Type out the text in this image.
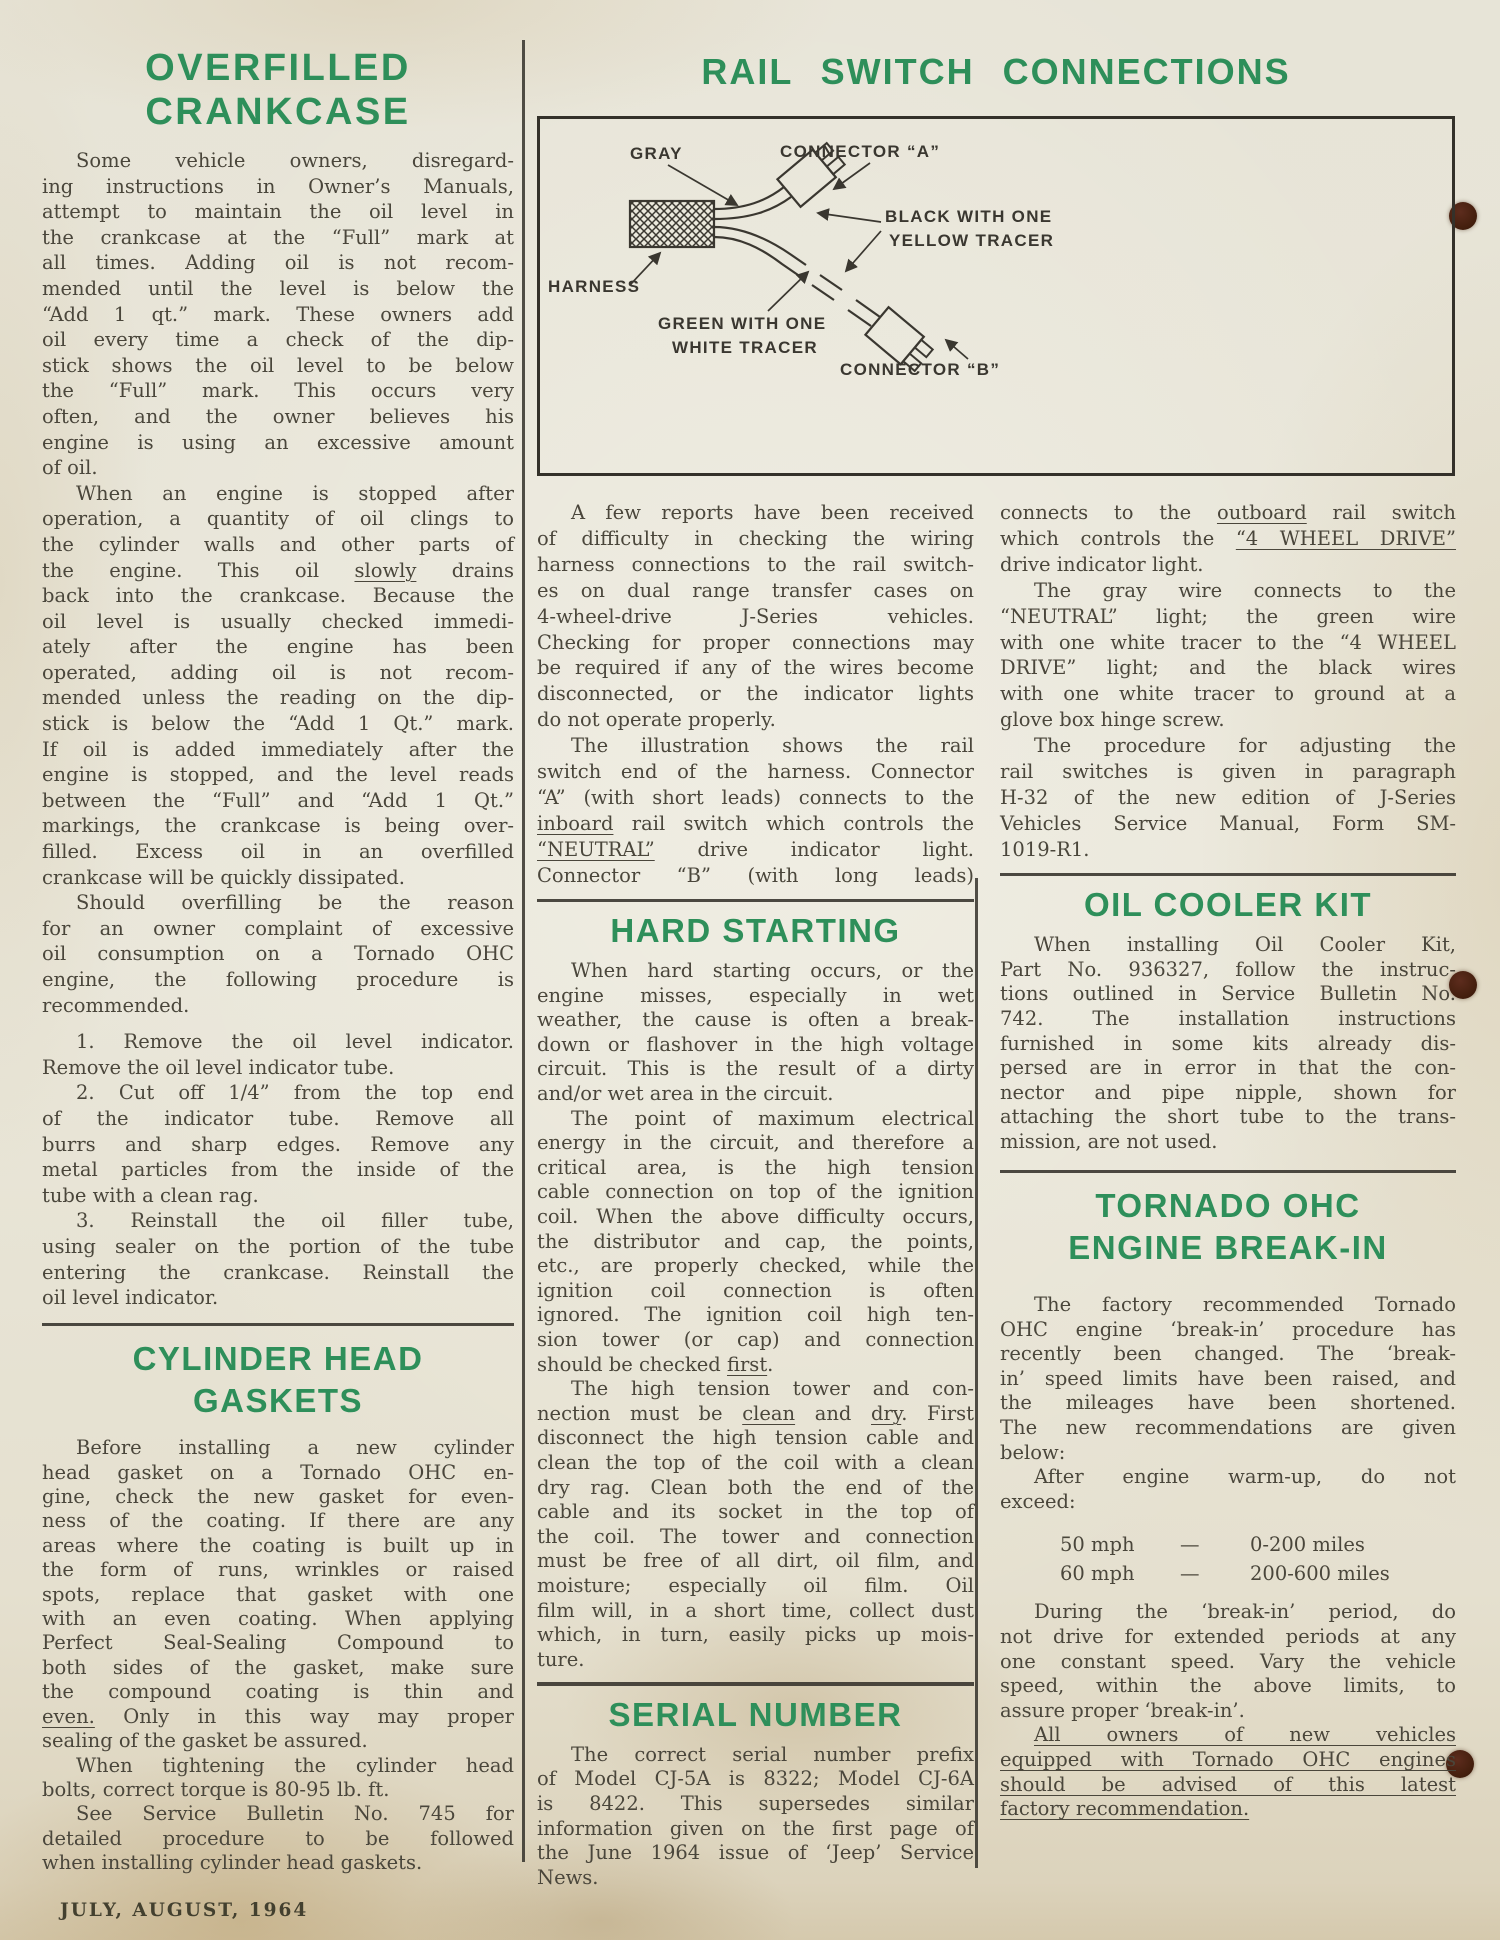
OVERFILLED
CRANKCASE
Some vehicle owners, disregard-
ing instructions in Owner’s Manuals,
attempt to maintain the oil level in
the crankcase at the “Full” mark at
all times. Adding oil is not recom-
mended until the level is below the
“Add 1 qt.” mark. These owners add
oil every time a check of the dip-
stick shows the oil level to be below
the “Full” mark. This occurs very
often, and the owner believes his
engine is using an excessive amount
of oil.
When an engine is stopped after
operation, a quantity of oil clings to
the cylinder walls and other parts of
the engine. This oil slowly drains
back into the crankcase. Because the
oil level is usually checked immedi-
ately after the engine has been
operated, adding oil is not recom-
mended unless the reading on the dip-
stick is below the “Add 1 Qt.” mark.
If oil is added immediately after the
engine is stopped, and the level reads
between the “Full” and “Add 1 Qt.”
markings, the crankcase is being over-
filled. Excess oil in an overfilled
crankcase will be quickly dissipated.
Should overfilling be the reason
for an owner complaint of excessive
oil consumption on a Tornado OHC
engine, the following procedure is
recommended.
1. Remove the oil level indicator.
Remove the oil level indicator tube.
2. Cut off 1/4” from the top end
of the indicator tube. Remove all
burrs and sharp edges. Remove any
metal particles from the inside of the
tube with a clean rag.
3. Reinstall the oil filler tube,
using sealer on the portion of the tube
entering the crankcase. Reinstall the
oil level indicator.
CYLINDER HEAD
GASKETS
Before installing a new cylinder
head gasket on a Tornado OHC en-
gine, check the new gasket for even-
ness of the coating. If there are any
areas where the coating is built up in
the form of runs, wrinkles or raised
spots, replace that gasket with one
with an even coating. When applying
Perfect Seal-Sealing Compound to
both sides of the gasket, make sure
the compound coating is thin and
even. Only in this way may proper
sealing of the gasket be assured.
When tightening the cylinder head
bolts, correct torque is 80-95 lb. ft.
See Service Bulletin No. 745 for
detailed procedure to be followed
when installing cylinder head gaskets.
RAIL SWITCH CONNECTIONS
GRAY	CONNECTOR “A”
BLACK WITH ONE
YELLOW TRACER
HARNESS
GREEN WITH ONE
WHITE TRACER
CONNECTOR “B”
A few reports have been received
of difficulty in checking the wiring
harness connections to the rail switch-
es on dual range transfer cases on
4-wheel-drive J-Series vehicles.
Checking for proper connections may
be required if any of the wires become
disconnected, or the indicator lights
do not operate properly.
The illustration shows the rail
switch end of the harness. Connector
“A” (with short leads) connects to the
inboard rail switch which controls the
“NEUTRAL” drive indicator light.
Connector “B” (with long leads)
HARD STARTING
When hard starting occurs, or the
engine misses, especially in wet
weather, the cause is often a break-
down or flashover in the high voltage
circuit. This is the result of a dirty
and/or wet area in the circuit.
The point of maximum electrical
energy in the circuit, and therefore a
critical area, is the high tension
cable connection on top of the ignition
coil. When the above difficulty occurs,
the distributor and cap, the points,
etc., are properly checked, while the
ignition coil connection is often
ignored. The ignition coil high ten-
sion tower (or cap) and connection
should be checked first.
The high tension tower and con-
nection must be clean and dry. First
disconnect the high tension cable and
clean the top of the coil with a clean
dry rag. Clean both the end of the
cable and its socket in the top of
the coil. The tower and connection
must be free of all dirt, oil film, and
moisture; especially oil film. Oil
film will, in a short time, collect dust
which, in turn, easily picks up mois-
ture.
SERIAL NUMBER
The correct serial number prefix
of Model CJ-5A is 8322; Model CJ-6A
is 8422. This supersedes similar
information given on the first page of
the June 1964 issue of ‘Jeep’ Service
News.
connects to the outboard rail switch
which controls the “4 WHEEL DRIVE”
drive indicator light.
The gray wire connects to the
“NEUTRAL” light; the green wire
with one white tracer to the “4 WHEEL
DRIVE” light; and the black wires
with one white tracer to ground at a
glove box hinge screw.
The procedure for adjusting the
rail switches is given in paragraph
H-32 of the new edition of J-Series
Vehicles Service Manual, Form SM-
1019-R1.
OIL COOLER KIT
When installing Oil Cooler Kit,
Part No. 936327, follow the instruc-
tions outlined in Service Bulletin No.
742. The installation instructions
furnished in some kits already dis-
persed are in error in that the con-
nector and pipe nipple, shown for
attaching the short tube to the trans-
mission, are not used.
TORNADO OHC
ENGINE BREAK-IN
The factory recommended Tornado
OHC engine ‘break-in’ procedure has
recently been changed. The ‘break-
in’ speed limits have been raised, and
the mileages have been shortened.
The new recommendations are given
below:
After engine warm-up, do not
exceed:
50 mph	—	0-200 miles
60 mph	—	200-600 miles
During the ‘break-in’ period, do
not drive for extended periods at any
one constant speed. Vary the vehicle
speed, within the above limits, to
assure proper ‘break-in’.
All owners of new vehicles
equipped with Tornado OHC engines
should be advised of this latest
factory recommendation.
JULY, AUGUST, 1964
